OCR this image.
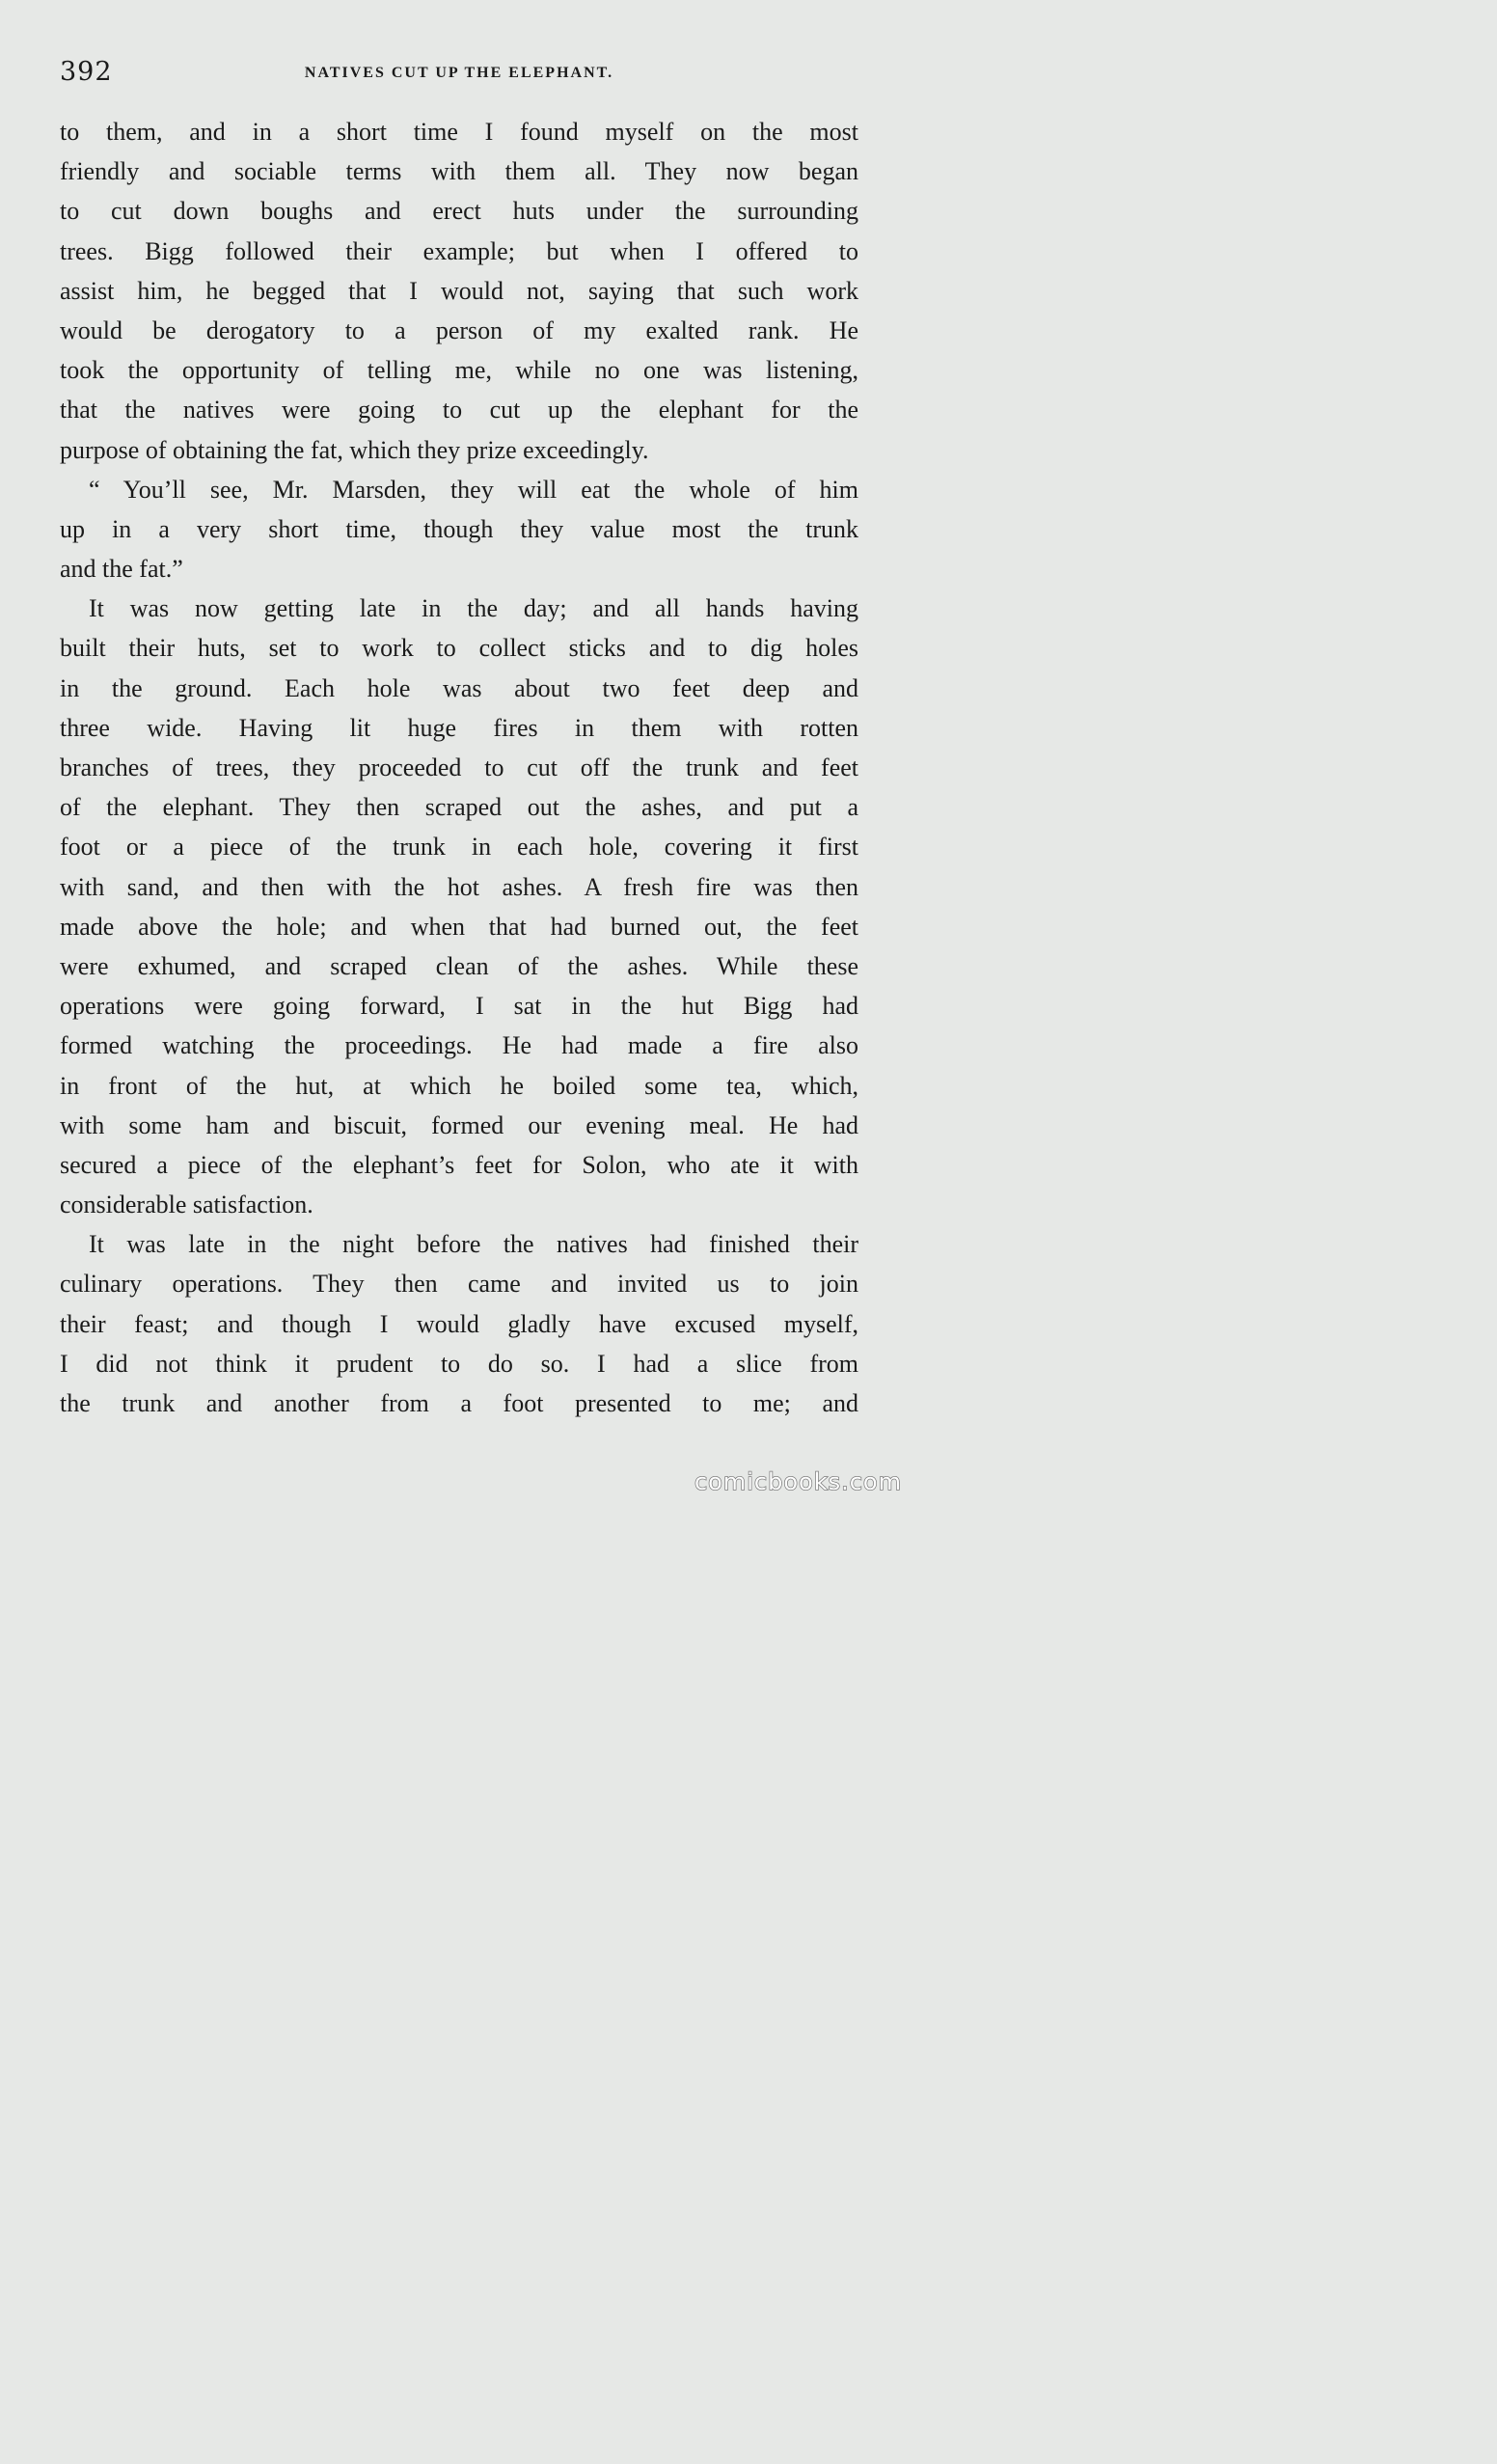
392	NATIVES CUT UP THE ELEPHANT.
to them, and in a short time I found myself on the most
friendly and sociable terms with them all. They now began
to cut down boughs and erect huts under the surrounding
trees. Bigg followed their example; but when I offered to
assist him, he begged that I would not, saying that such work
would be derogatory to a person of my exalted rank. He
took the opportunity of telling me, while no one was listening,
that the natives were going to cut up the elephant for the
purpose of obtaining the fat, which they prize exceedingly.
“ You’ll see, Mr. Marsden, they will eat the whole of him
up in a very short time, though they value most the trunk
and the fat.”
It was now getting late in the day; and all hands having
built their huts, set to work to collect sticks and to dig holes
in the ground. Each hole was about two feet deep and
three wide. Having lit huge fires in them with rotten
branches of trees, they proceeded to cut off the trunk and feet
of the elephant. They then scraped out the ashes, and put a
foot or a piece of the trunk in each hole, covering it first
with sand, and then with the hot ashes. A fresh fire was then
made above the hole; and when that had burned out, the feet
were exhumed, and scraped clean of the ashes. While these
operations were going forward, I sat in the hut Bigg had
formed watching the proceedings. He had made a fire also
in front of the hut, at which he boiled some tea, which,
with some ham and biscuit, formed our evening meal. He had
secured a piece of the elephant’s feet for Solon, who ate it with
considerable satisfaction.
It was late in the night before the natives had finished their
culinary operations. They then came and invited us to join
their feast; and though I would gladly have excused myself,
I did not think it prudent to do so. I had a slice from
the trunk and another from a foot presented to me; and
comicbooks.com
